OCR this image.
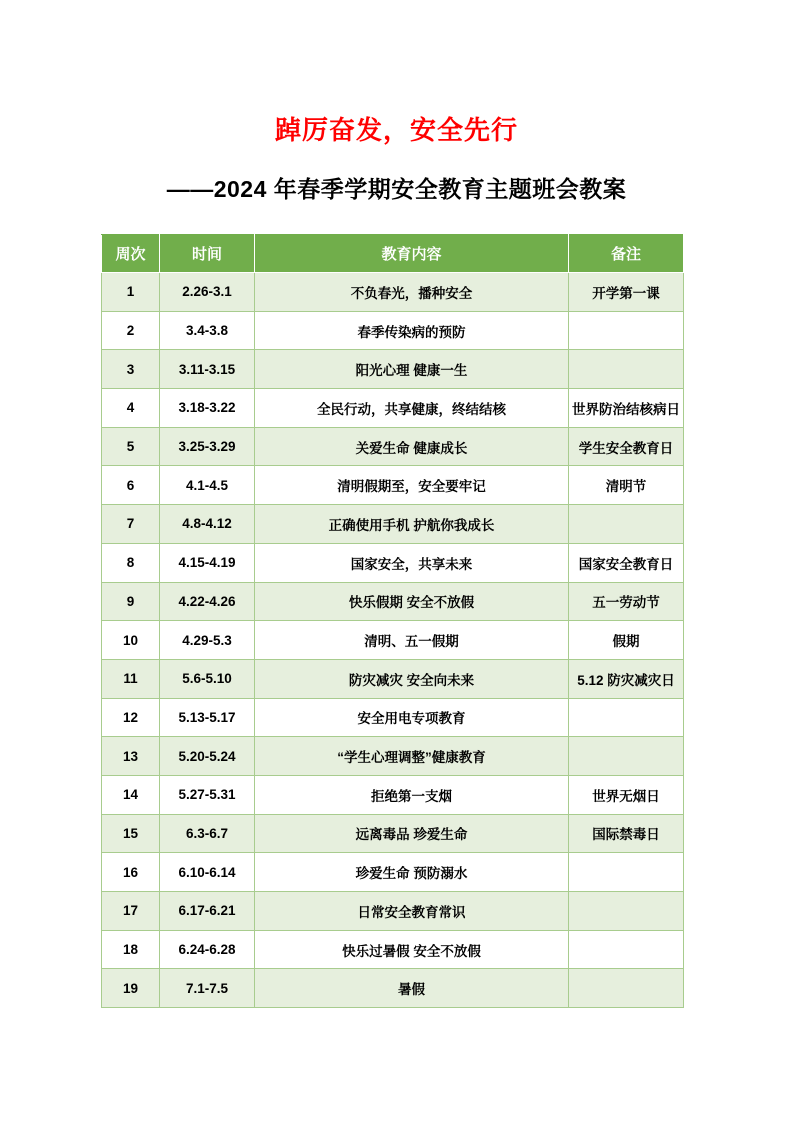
踔厉奋发，安全先行
——2024 年春季学期安全教育主题班会教案
周次	时间	教育内容	备注
1	2.26-3.1	不负春光，播种安全	开学第一课
2	3.4-3.8	春季传染病的预防	
3	3.11-3.15	阳光心理 健康一生	
4	3.18-3.22	全民行动，共享健康，终结结核	世界防治结核病日
5	3.25-3.29	关爱生命 健康成长	学生安全教育日
6	4.1-4.5	清明假期至，安全要牢记	清明节
7	4.8-4.12	正确使用手机 护航你我成长	
8	4.15-4.19	国家安全，共享未来	国家安全教育日
9	4.22-4.26	快乐假期 安全不放假	五一劳动节
10	4.29-5.3	清明、五一假期	假期
11	5.6-5.10	防灾减灾 安全向未来	5.12 防灾减灾日
12	5.13-5.17	安全用电专项教育	
13	5.20-5.24	“学生心理调整”健康教育	
14	5.27-5.31	拒绝第一支烟	世界无烟日
15	6.3-6.7	远离毒品 珍爱生命	国际禁毒日
16	6.10-6.14	珍爱生命 预防溺水	
17	6.17-6.21	日常安全教育常识	
18	6.24-6.28	快乐过暑假 安全不放假	
19	7.1-7.5	暑假	
